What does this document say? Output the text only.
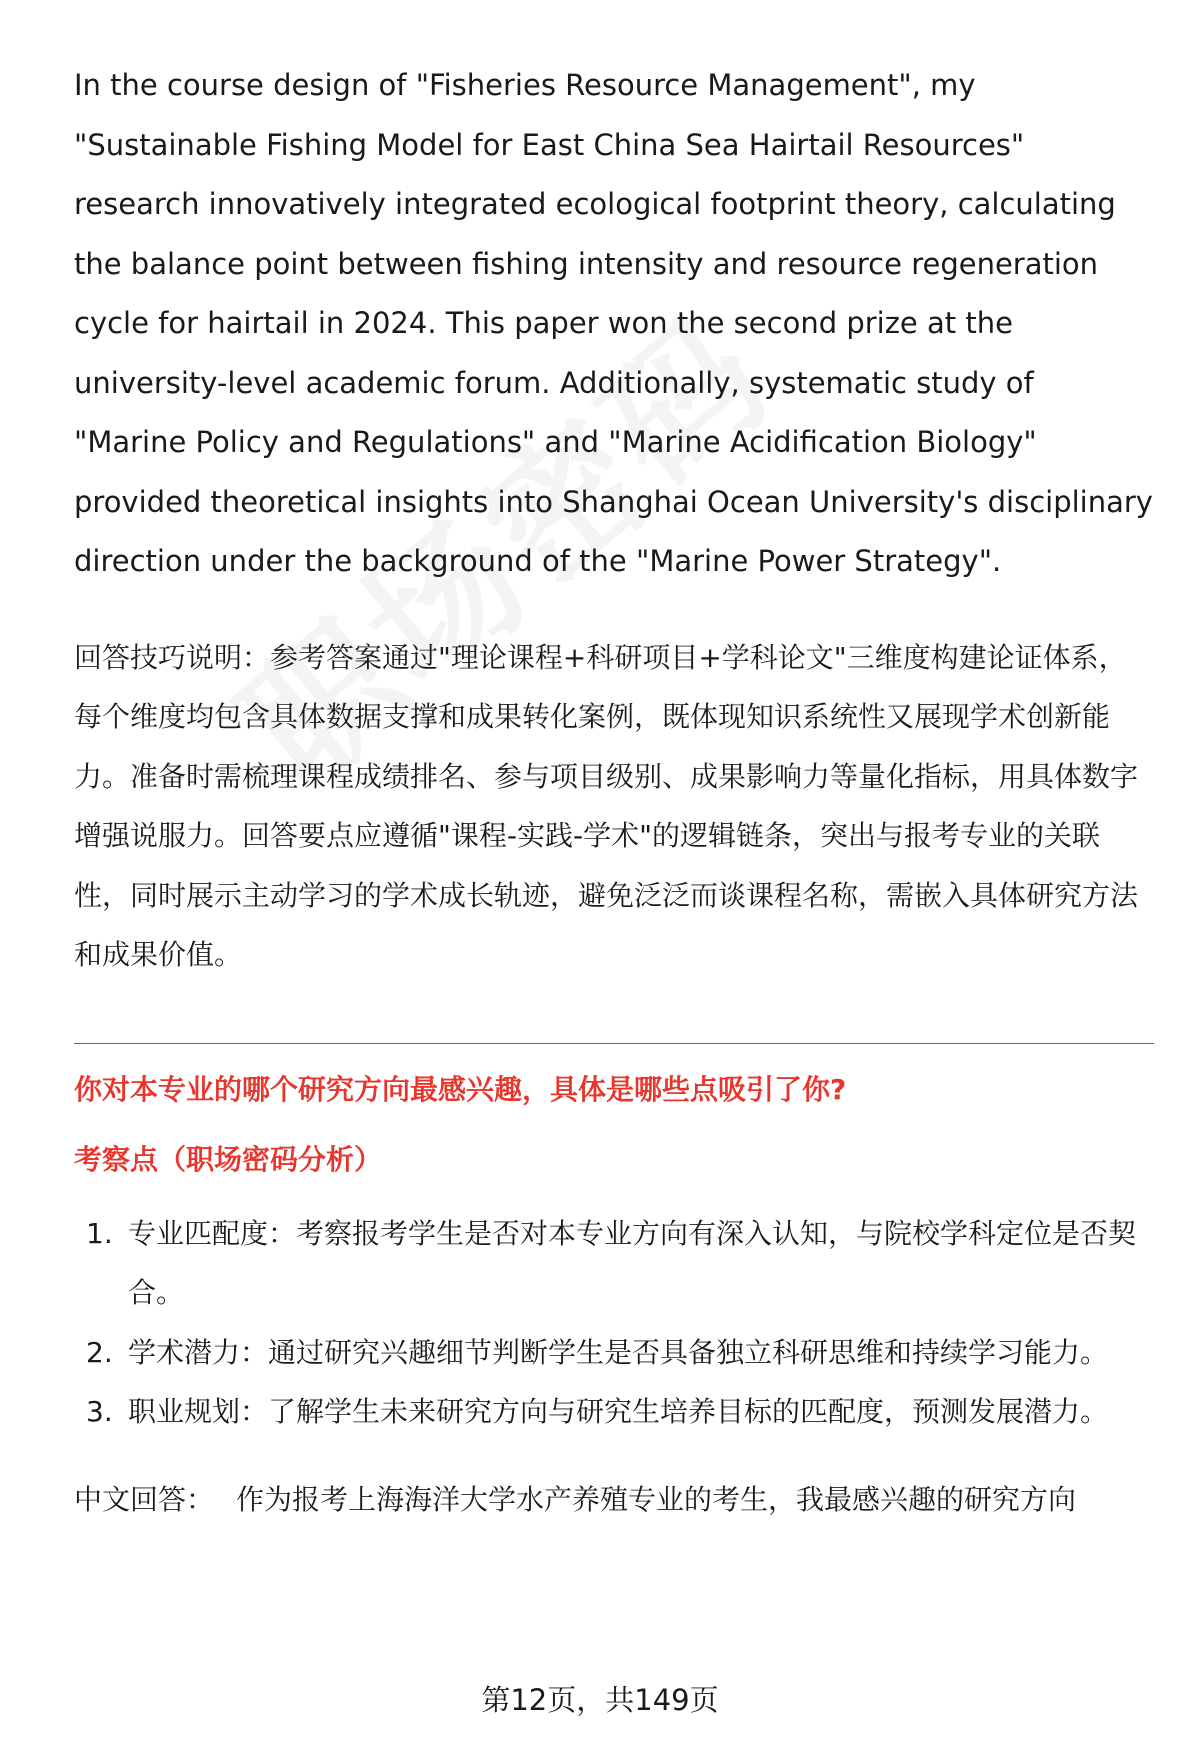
In the course design of "Fisheries Resource Management", my "Sustainable Fishing Model for East China Sea Hairtail Resources" research innovatively integrated ecological footprint theory, calculating the balance point between fishing intensity and resource regeneration cycle for hairtail in 2024. This paper won the second prize at the university-level academic forum. Additionally, systematic study of "Marine Policy and Regulations" and "Marine Acidification Biology" provided theoretical insights into Shanghai Ocean University's disciplinary direction under the background of the "Marine Power Strategy".

回答技巧说明：参考答案通过"理论课程+科研项目+学科论文"三维度构建论证体系，每个维度均包含具体数据支撑和成果转化案例，既体现知识系统性又展现学术创新能力。准备时需梳理课程成绩排名、参与项目级别、成果影响力等量化指标，用具体数字增强说服力。回答要点应遵循"课程-实践-学术"的逻辑链条，突出与报考专业的关联性，同时展示主动学习的学术成长轨迹，避免泛泛而谈课程名称，需嵌入具体研究方法和成果价值。

你对本专业的哪个研究方向最感兴趣，具体是哪些点吸引了你?
考察点（职场密码分析）
1. 专业匹配度：考察报考学生是否对本专业方向有深入认知，与院校学科定位是否契合。
2. 学术潜力：通过研究兴趣细节判断学生是否具备独立科研思维和持续学习能力。
3. 职业规划：了解学生未来研究方向与研究生培养目标的匹配度，预测发展潜力。

中文回答： 作为报考上海海洋大学水产养殖专业的考生，我最感兴趣的研究方向

第12页，共149页
